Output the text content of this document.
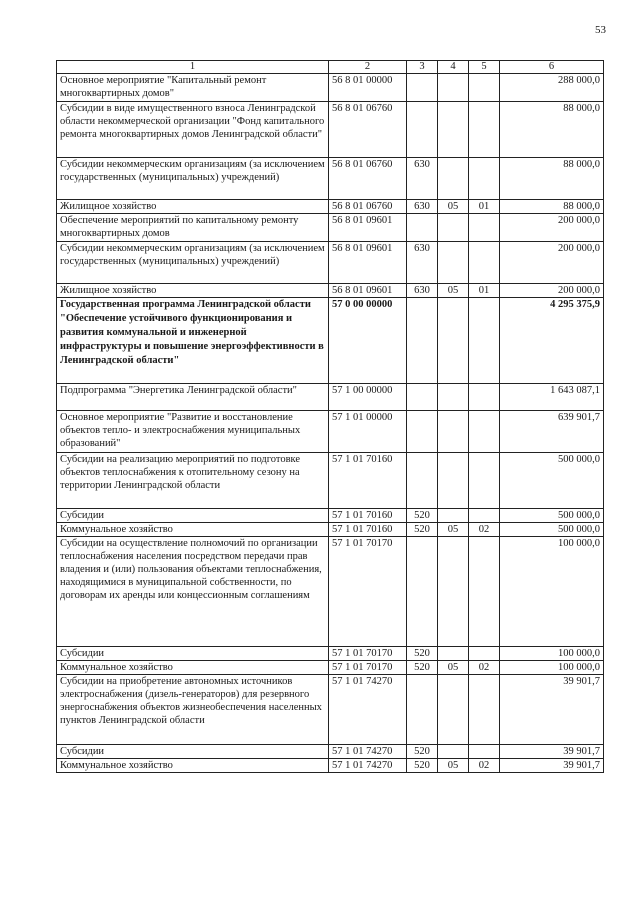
53
1	2	3	4	5	6
Основное мероприятие "Капитальный ремонт многоквартирных домов"	56 8 01 00000				288 000,0
Субсидии в виде имущественного взноса Ленинградской области некоммерческой организации "Фонд капитального ремонта многоквартирных домов Ленинградской области"	56 8 01 06760				88 000,0
Субсидии некоммерческим организациям (за исключением государственных (муниципальных) учреждений)	56 8 01 06760	630			88 000,0
Жилищное хозяйство	56 8 01 06760	630	05	01	88 000,0
Обеспечение мероприятий по капитальному ремонту многоквартирных домов	56 8 01 09601				200 000,0
Субсидии некоммерческим организациям (за исключением государственных (муниципальных) учреждений)	56 8 01 09601	630			200 000,0
Жилищное хозяйство	56 8 01 09601	630	05	01	200 000,0
Государственная программа Ленинградской области "Обеспечение устойчивого функционирования и развития коммунальной и инженерной инфраструктуры и повышение энергоэффективности в Ленинградской области"	57 0 00 00000				4 295 375,9
Подпрограмма "Энергетика Ленинградской области"	57 1 00 00000				1 643 087,1
Основное мероприятие "Развитие и восстановление объектов тепло- и электроснабжения муниципальных образований"	57 1 01 00000				639 901,7
Субсидии на реализацию мероприятий по подготовке объектов теплоснабжения к отопительному сезону на территории Ленинградской области	57 1 01 70160				500 000,0
Субсидии	57 1 01 70160	520			500 000,0
Коммунальное хозяйство	57 1 01 70160	520	05	02	500 000,0
Субсидии на осуществление полномочий по организации теплоснабжения населения посредством передачи прав владения и (или) пользования объектами теплоснабжения, находящимися в муниципальной собственности, по договорам их аренды или концессионным соглашениям	57 1 01 70170				100 000,0
Субсидии	57 1 01 70170	520			100 000,0
Коммунальное хозяйство	57 1 01 70170	520	05	02	100 000,0
Субсидии на приобретение автономных источников электроснабжения (дизель-генераторов) для резервного энергоснабжения объектов жизнеобеспечения населенных пунктов Ленинградской области	57 1 01 74270				39 901,7
Субсидии	57 1 01 74270	520			39 901,7
Коммунальное хозяйство	57 1 01 74270	520	05	02	39 901,7
